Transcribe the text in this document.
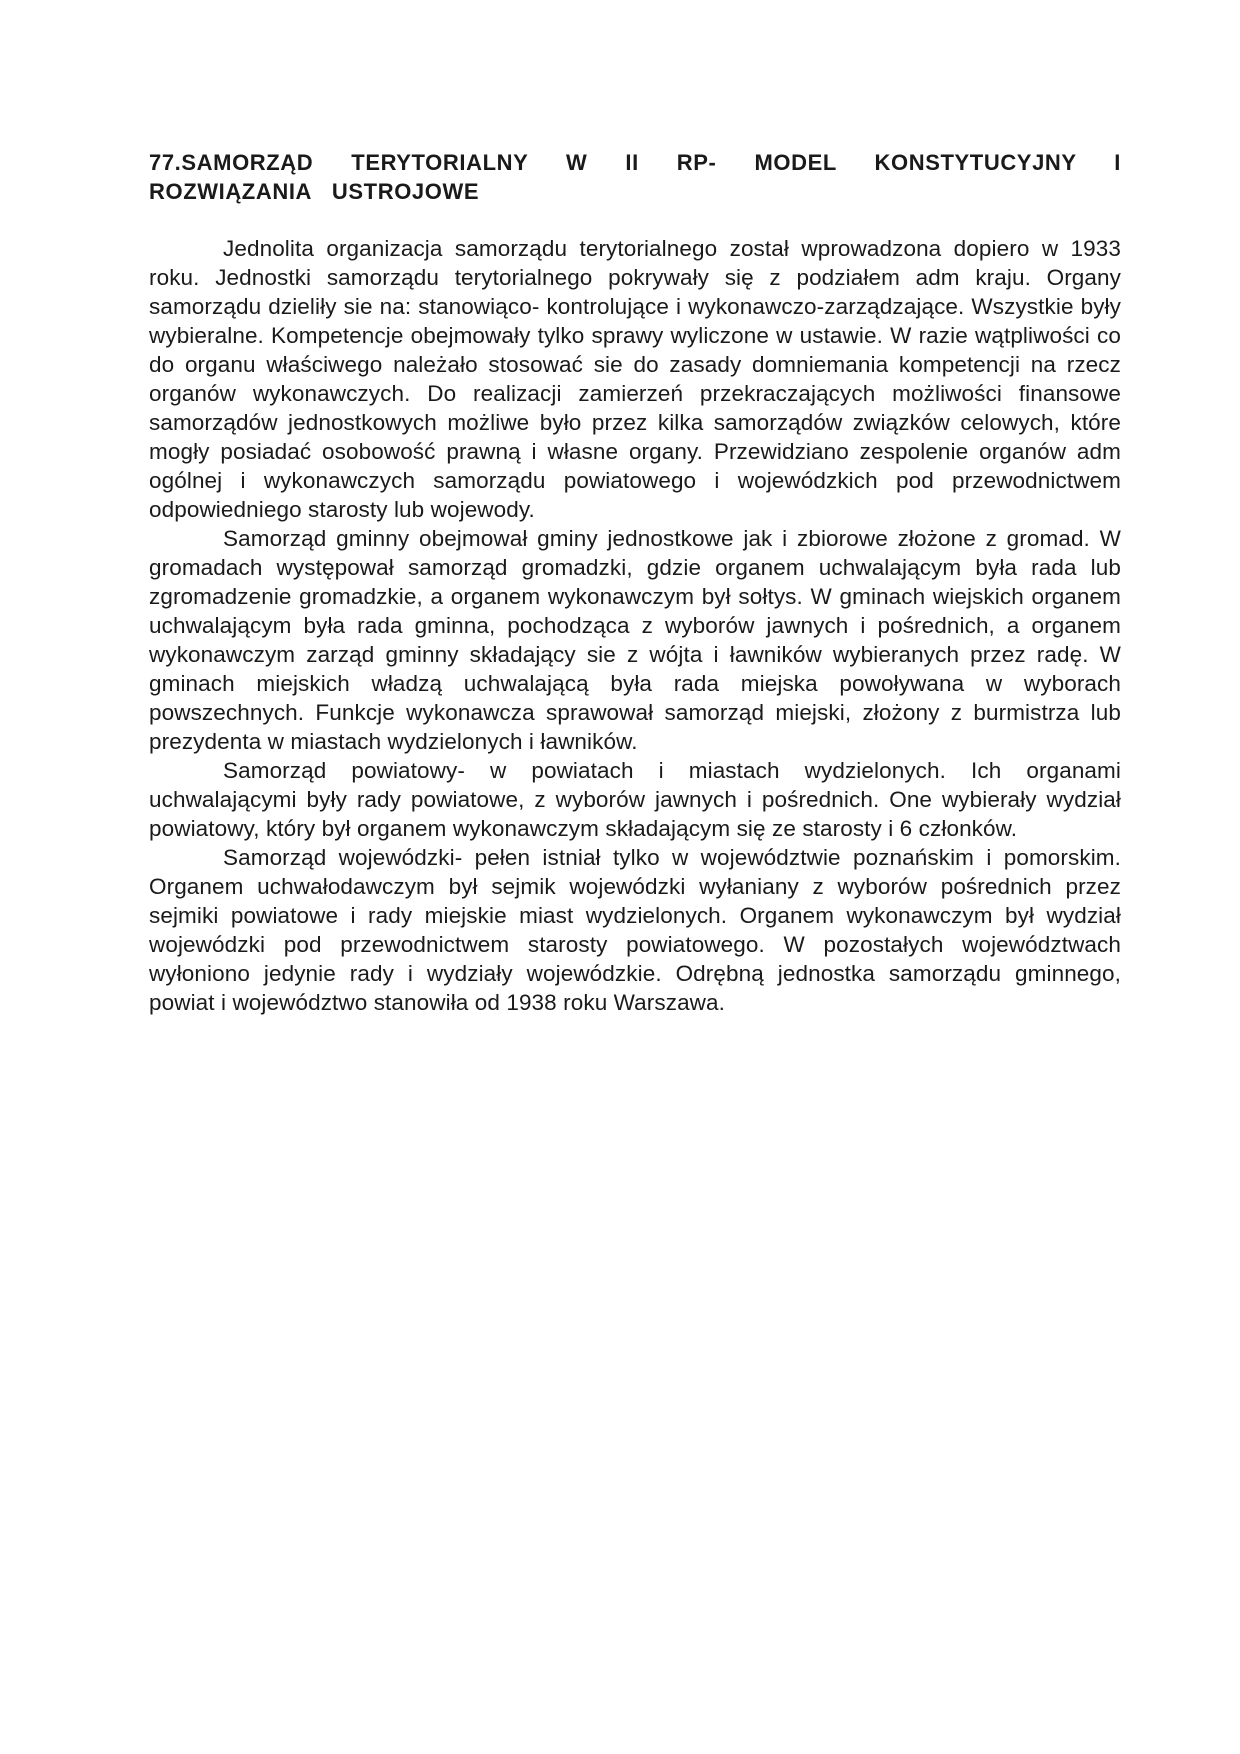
77.SAMORZĄD TERYTORIALNY W II RP- MODEL KONSTYTUCYJNY I ROZWIĄZANIA USTROJOWE

Jednolita organizacja samorządu terytorialnego został wprowadzona dopiero w 1933 roku. Jednostki samorządu terytorialnego pokrywały się z podziałem adm kraju. Organy samorządu dzieliły sie na: stanowiąco- kontrolujące i wykonawczo-zarządzające. Wszystkie były wybieralne. Kompetencje obejmowały tylko sprawy wyliczone w ustawie. W razie wątpliwości co do organu właściwego należało stosować sie do zasady domniemania kompetencji na rzecz organów wykonawczych. Do realizacji zamierzeń przekraczających możliwości finansowe samorządów jednostkowych możliwe było przez kilka samorządów związków celowych, które mogły posiadać osobowość prawną i własne organy. Przewidziano zespolenie organów adm ogólnej i wykonawczych samorządu powiatowego i wojewódzkich pod przewodnictwem odpowiedniego starosty lub wojewody.

Samorząd gminny obejmował gminy jednostkowe jak i zbiorowe złożone z gromad. W gromadach występował samorząd gromadzki, gdzie organem uchwalającym była rada lub zgromadzenie gromadzkie, a organem wykonawczym był sołtys. W gminach wiejskich organem uchwalającym była rada gminna, pochodząca z wyborów jawnych i pośrednich, a organem wykonawczym zarząd gminny składający sie z wójta i ławników wybieranych przez radę. W gminach miejskich władzą uchwalającą była rada miejska powoływana w wyborach powszechnych. Funkcje wykonawcza sprawował samorząd miejski, złożony z burmistrza lub prezydenta w miastach wydzielonych i ławników.

Samorząd powiatowy- w powiatach i miastach wydzielonych. Ich organami uchwalającymi były rady powiatowe, z wyborów jawnych i pośrednich. One wybierały wydział powiatowy, który był organem wykonawczym składającym się ze starosty i 6 członków.

Samorząd wojewódzki- pełen istniał tylko w województwie poznańskim i pomorskim. Organem uchwałodawczym był sejmik wojewódzki wyłaniany z wyborów pośrednich przez sejmiki powiatowe i rady miejskie miast wydzielonych. Organem wykonawczym był wydział wojewódzki pod przewodnictwem starosty powiatowego. W pozostałych województwach wyłoniono jedynie rady i wydziały wojewódzkie. Odrębną jednostka samorządu gminnego, powiat i województwo stanowiła od 1938 roku Warszawa.
